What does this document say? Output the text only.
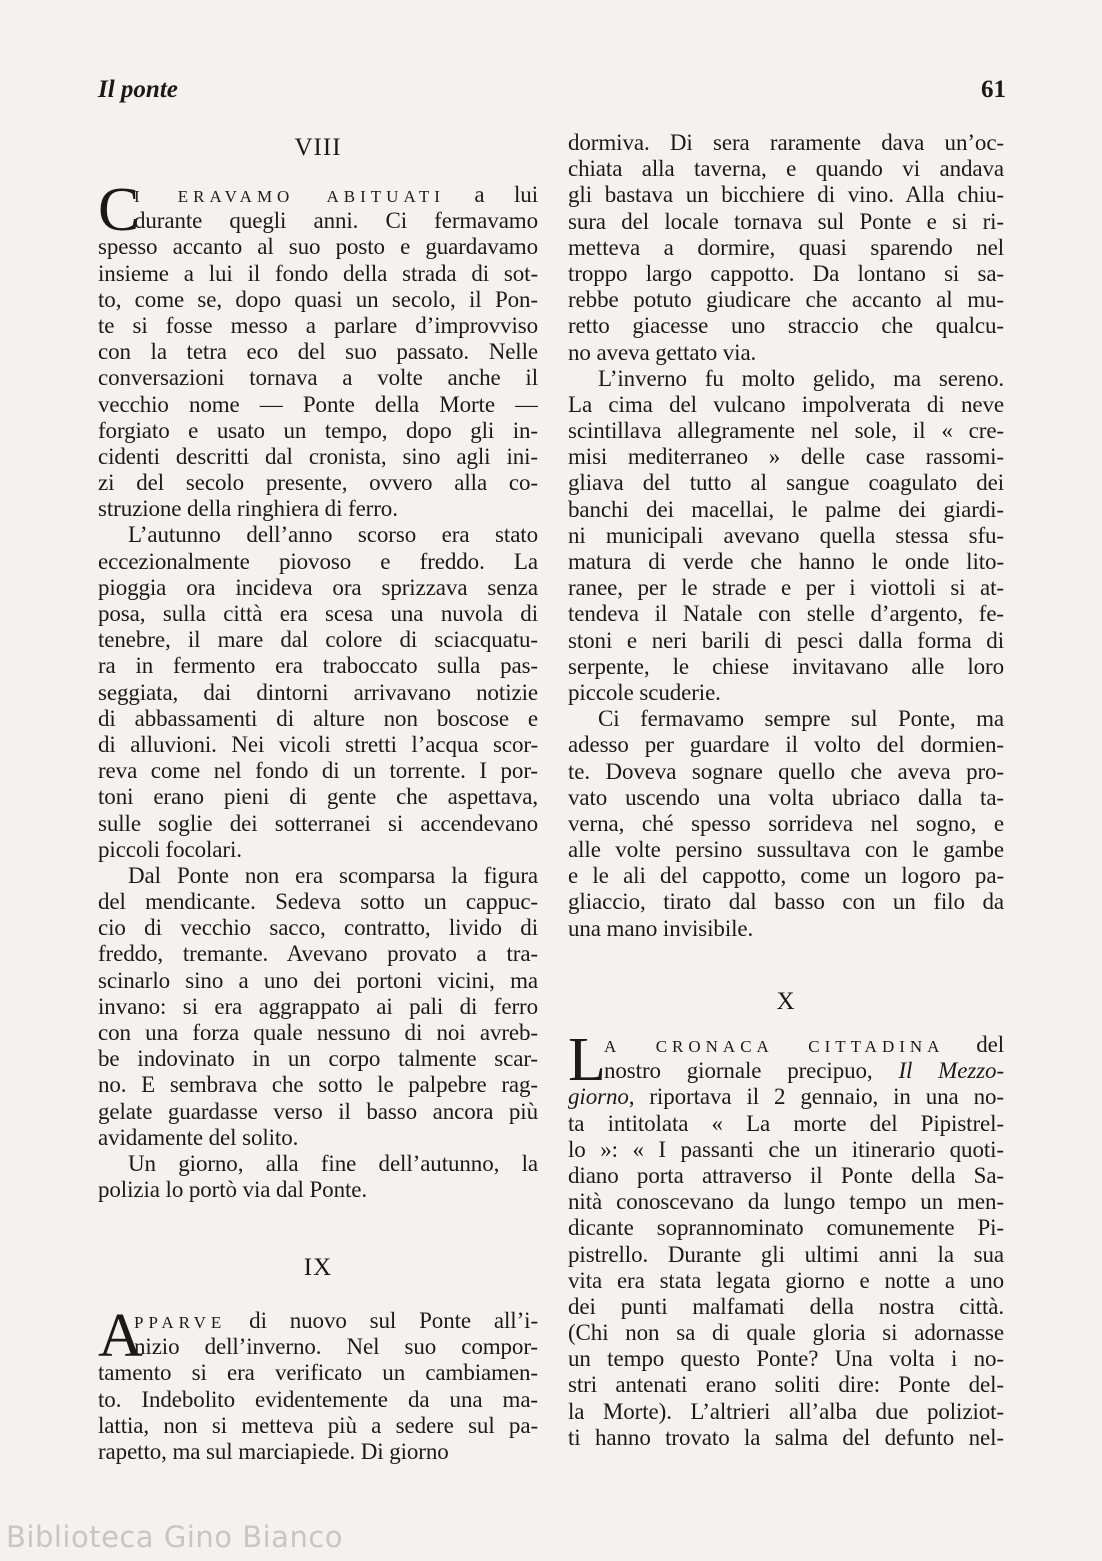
Il ponte	61
VIII
C
I ERAVAMO ABITUATI a lui
durante quegli anni. Ci fermavamo
spesso accanto al suo posto e guardavamo
insieme a lui il fondo della strada di sot-
to, come se, dopo quasi un secolo, il Pon-
te si fosse messo a parlare d’improvviso
con la tetra eco del suo passato. Nelle
conversazioni tornava a volte anche il
vecchio nome — Ponte della Morte —
forgiato e usato un tempo, dopo gli in-
cidenti descritti dal cronista, sino agli ini-
zi del secolo presente, ovvero alla co-
struzione della ringhiera di ferro.
L’autunno dell’anno scorso era stato
eccezionalmente piovoso e freddo. La
pioggia ora incideva ora sprizzava senza
posa, sulla città era scesa una nuvola di
tenebre, il mare dal colore di sciacquatu-
ra in fermento era traboccato sulla pas-
seggiata, dai dintorni arrivavano notizie
di abbassamenti di alture non boscose e
di alluvioni. Nei vicoli stretti l’acqua scor-
reva come nel fondo di un torrente. I por-
toni erano pieni di gente che aspettava,
sulle soglie dei sotterranei si accendevano
piccoli focolari.
Dal Ponte non era scomparsa la figura
del mendicante. Sedeva sotto un cappuc-
cio di vecchio sacco, contratto, livido di
freddo, tremante. Avevano provato a tra-
scinarlo sino a uno dei portoni vicini, ma
invano: si era aggrappato ai pali di ferro
con una forza quale nessuno di noi avreb-
be indovinato in un corpo talmente scar-
no. E sembrava che sotto le palpebre rag-
gelate guardasse verso il basso ancora più
avidamente del solito.
Un giorno, alla fine dell’autunno, la
polizia lo portò via dal Ponte.
IX
A
PPARVE di nuovo sul Ponte all’i-
nizio dell’inverno. Nel suo compor-
tamento si era verificato un cambiamen-
to. Indebolito evidentemente da una ma-
lattia, non si metteva più a sedere sul pa-
rapetto, ma sul marciapiede. Di giorno
dormiva. Di sera raramente dava un’oc-
chiata alla taverna, e quando vi andava
gli bastava un bicchiere di vino. Alla chiu-
sura del locale tornava sul Ponte e si ri-
metteva a dormire, quasi sparendo nel
troppo largo cappotto. Da lontano si sa-
rebbe potuto giudicare che accanto al mu-
retto giacesse uno straccio che qualcu-
no aveva gettato via.
L’inverno fu molto gelido, ma sereno.
La cima del vulcano impolverata di neve
scintillava allegramente nel sole, il « cre-
misi mediterraneo » delle case rassomi-
gliava del tutto al sangue coagulato dei
banchi dei macellai, le palme dei giardi-
ni municipali avevano quella stessa sfu-
matura di verde che hanno le onde lito-
ranee, per le strade e per i viottoli si at-
tendeva il Natale con stelle d’argento, fe-
stoni e neri barili di pesci dalla forma di
serpente, le chiese invitavano alle loro
piccole scuderie.
Ci fermavamo sempre sul Ponte, ma
adesso per guardare il volto del dormien-
te. Doveva sognare quello che aveva pro-
vato uscendo una volta ubriaco dalla ta-
verna, ché spesso sorrideva nel sogno, e
alle volte persino sussultava con le gambe
e le ali del cappotto, come un logoro pa-
gliaccio, tirato dal basso con un filo da
una mano invisibile.
X
L
A CRONACA CITTADINA del
nostro giornale precipuo, Il Mezzo-
giorno, riportava il 2 gennaio, in una no-
ta intitolata « La morte del Pipistrel-
lo »: « I passanti che un itinerario quoti-
diano porta attraverso il Ponte della Sa-
nità conoscevano da lungo tempo un men-
dicante soprannominato comunemente Pi-
pistrello. Durante gli ultimi anni la sua
vita era stata legata giorno e notte a uno
dei punti malfamati della nostra città.
(Chi non sa di quale gloria si adornasse
un tempo questo Ponte? Una volta i no-
stri antenati erano soliti dire: Ponte del-
la Morte). L’altrieri all’alba due poliziot-
ti hanno trovato la salma del defunto nel-
Biblioteca Gino Bianco
